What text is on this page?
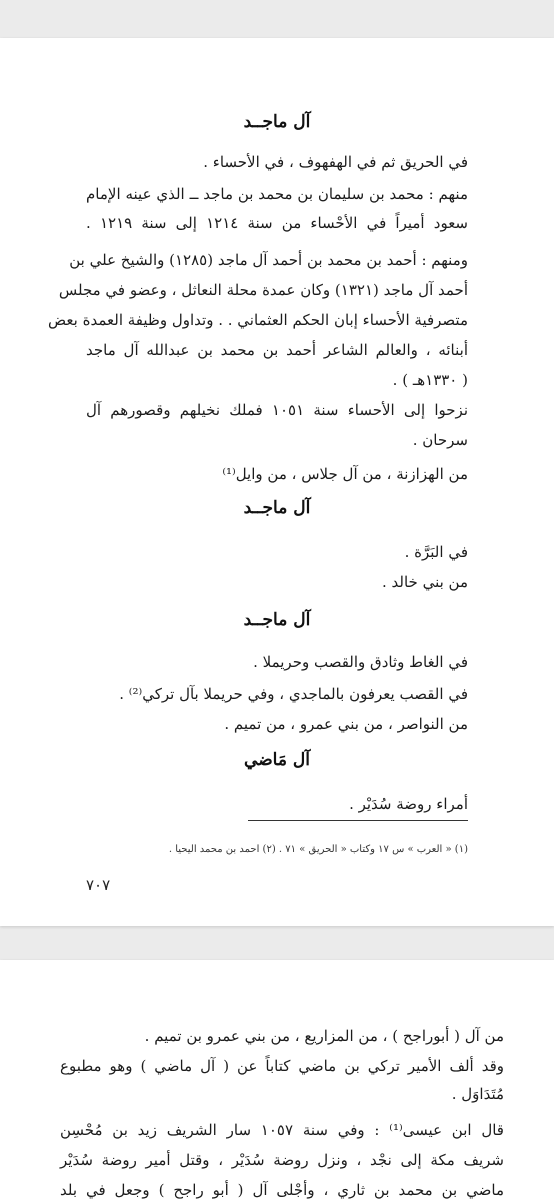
آل ماجــد
في الحريق ثم في الهفهوف ، في الأحساء .
منهم : محمد بن سليمان بن محمد بن ماجد ــ الذي عينه الإمام
سعود أميراً في الأحْساء من سنة ١٢١٤ إلى سنة ١٢١٩ .
ومنهم : أحمد بن محمد بن أحمد آل ماجد (١٢٨٥) والشيخ علي بن
أحمد آل ماجد (١٣٢١) وكان عمدة محلة النعاثل ، وعضو في مجلس
متصرفية الأحساء إبان الحكم العثماني . . وتداول وظيفة العمدة بعض
أبنائه ، والعالم الشاعر أحمد بن محمد بن عبدالله آل ماجد
( ١٣٣٠هـ ) .
نزحوا إلى الأحساء سنة ١٠٥١ فملك نخيلهم وقصورهم آل
سرحان .
من الهزازنة ، من آل جلاس ، من وايل⁽¹⁾
آل ماجــد
في البَرَّة .
من بني خالد .
آل ماجــد
في الغاط وثادق والقصب وحريملا .
في القصب يعرفون بالماجدي ، وفي حريملا بآل تركي⁽²⁾ .
من النواصر ، من بني عمرو ، من تميم .
آل مَاضي
أمراء روضة سُدَيْر .
(١) « العرب » س ١٧ وكتاب « الحريق » ٧١ . (٢) احمد بن محمد اليحيا .
٧٠٧
من آل ( أبوراجح ) ، من المزاريع ، من بني عمرو بن تميم .
وقد ألف الأمير تركي بن ماضي كتاباً عن ( آل ماضي ) وهو مطبوع
مُتَدَاوَل .
قال ابن عيسى⁽¹⁾ : وفي سنة ١٠٥٧ سار الشريف زيد بن مُحْسِن
شريف مكة إلى نجْد ، ونزل روضة سُدَيْر ، وقتل أمير روضة سُدَيْر
ماضي بن محمد بن ثاري ، وأجْلى آل ( أبو راجح ) وجعل في بلد
